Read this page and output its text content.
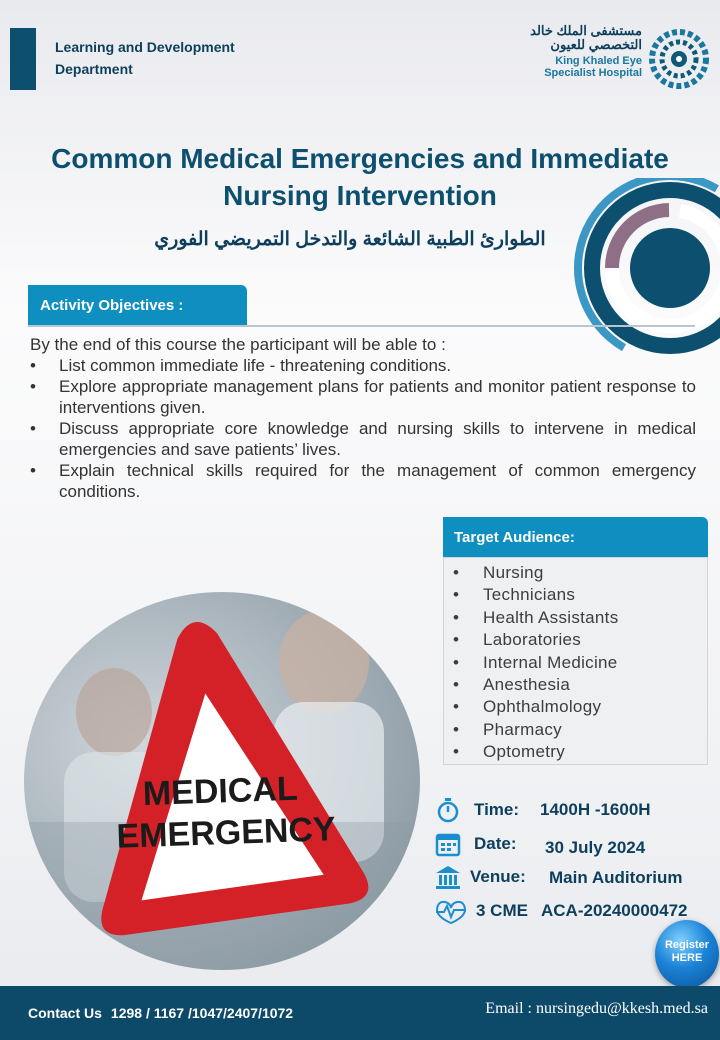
Learning and Development
Department
مستشفى الملك خالد
التخصصي للعيون
King Khaled Eye
Specialist Hospital
Common Medical Emergencies and Immediate
Nursing Intervention
الطوارئ الطبية الشائعة والتدخل التمريضي الفوري
Activity Objectives :
By the end of this course the participant will be able to :
• List common immediate life - threatening conditions.
• Explore appropriate management plans for patients and monitor patient response to interventions given.
• Discuss appropriate core knowledge and nursing skills to intervene in medical emergencies and save patients’ lives.
• Explain technical skills required for the management of common emergency conditions.
Target Audience:
• Nursing
• Technicians
• Health Assistants
• Laboratories
• Internal Medicine
• Anesthesia
• Ophthalmology
• Pharmacy
• Optometry
MEDICAL
EMERGENCY
Time: 1400H -1600H
Date: 30 July 2024
Venue: Main Auditorium
3 CME ACA-20240000472
Register
HERE
Contact Us 1298 / 1167 /1047/2407/1072	Email : nursingedu@kkesh.med.sa
